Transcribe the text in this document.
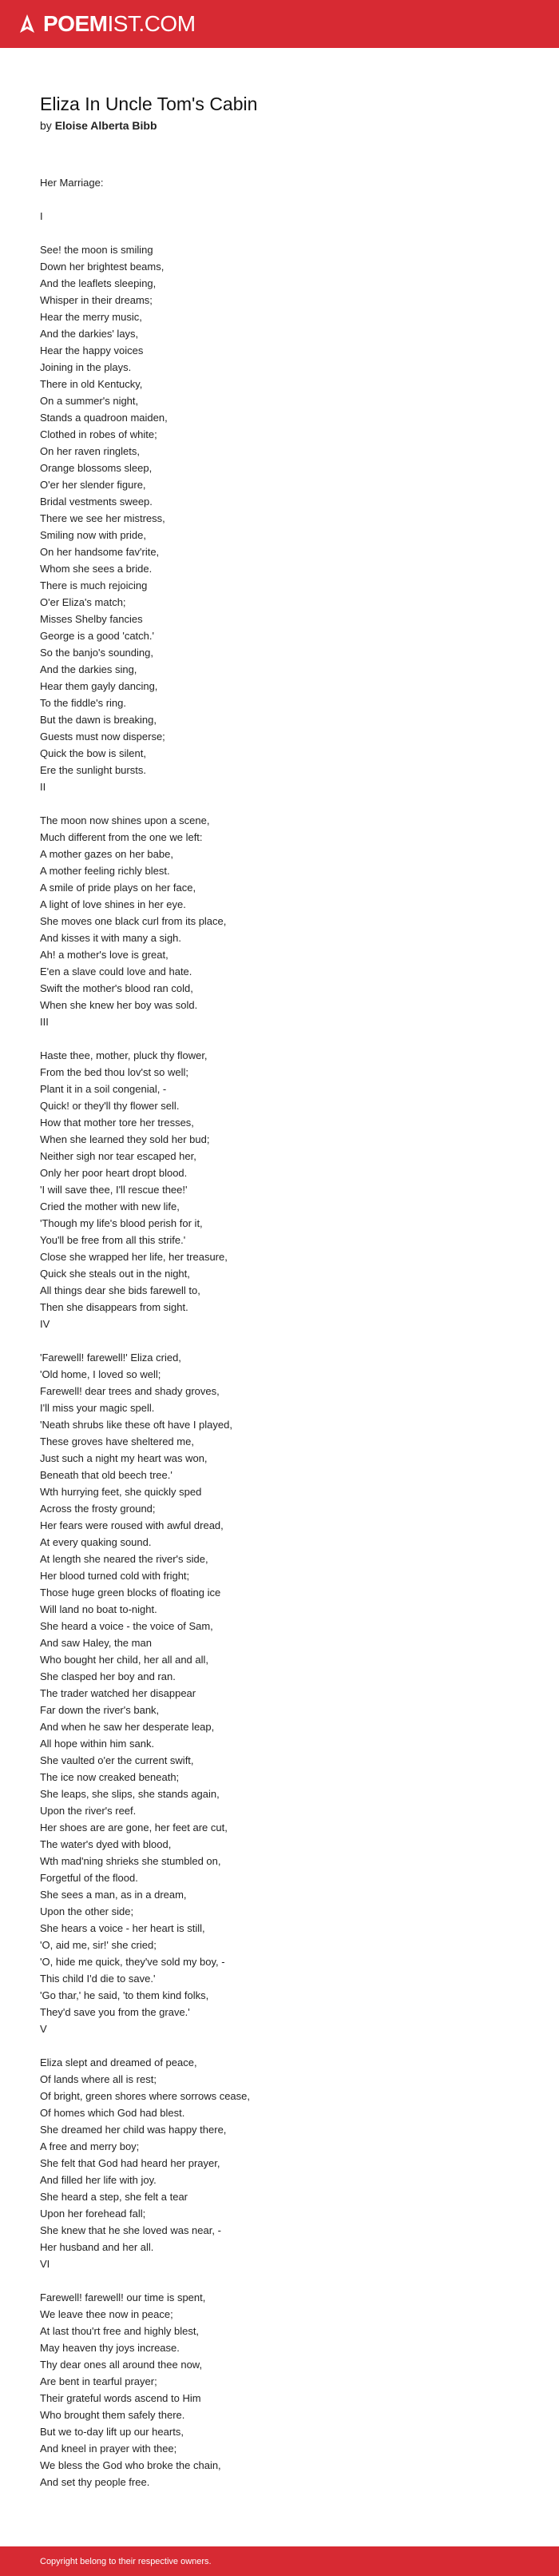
POEMIST.COM
Eliza In Uncle Tom's Cabin
by Eloise Alberta Bibb
Her Marriage:
I
See! the moon is smiling
Down her brightest beams,
And the leaflets sleeping,
Whisper in their dreams;
Hear the merry music,
And the darkies' lays,
Hear the happy voices
Joining in the plays.
There in old Kentucky,
On a summer's night,
Stands a quadroon maiden,
Clothed in robes of white;
On her raven ringlets,
Orange blossoms sleep,
O'er her slender figure,
Bridal vestments sweep.
There we see her mistress,
Smiling now with pride,
On her handsome fav'rite,
Whom she sees a bride.
There is much rejoicing
O'er Eliza's match;
Misses Shelby fancies
George is a good 'catch.'
So the banjo's sounding,
And the darkies sing,
Hear them gayly dancing,
To the fiddle's ring.
But the dawn is breaking,
Guests must now disperse;
Quick the bow is silent,
Ere the sunlight bursts.
II
The moon now shines upon a scene,
Much different from the one we left:
A mother gazes on her babe,
A mother feeling richly blest.
A smile of pride plays on her face,
A light of love shines in her eye.
She moves one black curl from its place,
And kisses it with many a sigh.
Ah! a mother's love is great,
E'en a slave could love and hate.
Swift the mother's blood ran cold,
When she knew her boy was sold.
III
Haste thee, mother, pluck thy flower,
From the bed thou lov'st so well;
Plant it in a soil congenial, -
Quick! or they'll thy flower sell.
How that mother tore her tresses,
When she learned they sold her bud;
Neither sigh nor tear escaped her,
Only her poor heart dropt blood.
'I will save thee, I'll rescue thee!'
Cried the mother with new life,
'Though my life's blood perish for it,
You'll be free from all this strife.'
Close she wrapped her life, her treasure,
Quick she steals out in the night,
All things dear she bids farewell to,
Then she disappears from sight.
IV
'Farewell! farewell!' Eliza cried,
'Old home, I loved so well;
Farewell! dear trees and shady groves,
I'll miss your magic spell.
'Neath shrubs like these oft have I played,
These groves have sheltered me,
Just such a night my heart was won,
Beneath that old beech tree.'
Wth hurrying feet, she quickly sped
Across the frosty ground;
Her fears were roused with awful dread,
At every quaking sound.
At length she neared the river's side,
Her blood turned cold with fright;
Those huge green blocks of floating ice
Will land no boat to-night.
She heard a voice - the voice of Sam,
And saw Haley, the man
Who bought her child, her all and all,
She clasped her boy and ran.
The trader watched her disappear
Far down the river's bank,
And when he saw her desperate leap,
All hope within him sank.
She vaulted o'er the current swift,
The ice now creaked beneath;
She leaps, she slips, she stands again,
Upon the river's reef.
Her shoes are are gone, her feet are cut,
The water's dyed with blood,
Wth mad'ning shrieks she stumbled on,
Forgetful of the flood.
She sees a man, as in a dream,
Upon the other side;
She hears a voice - her heart is still,
'O, aid me, sir!' she cried;
'O, hide me quick, they've sold my boy, -
This child I'd die to save.'
'Go thar,' he said, 'to them kind folks,
They'd save you from the grave.'
V
Eliza slept and dreamed of peace,
Of lands where all is rest;
Of bright, green shores where sorrows cease,
Of homes which God had blest.
She dreamed her child was happy there,
A free and merry boy;
She felt that God had heard her prayer,
And filled her life with joy.
She heard a step, she felt a tear
Upon her forehead fall;
She knew that he she loved was near, -
Her husband and her all.
VI
Farewell! farewell! our time is spent,
We leave thee now in peace;
At last thou'rt free and highly blest,
May heaven thy joys increase.
Thy dear ones all around thee now,
Are bent in tearful prayer;
Their grateful words ascend to Him
Who brought them safely there.
But we to-day lift up our hearts,
And kneel in prayer with thee;
We bless the God who broke the chain,
And set thy people free.
Copyright belong to their respective owners.
